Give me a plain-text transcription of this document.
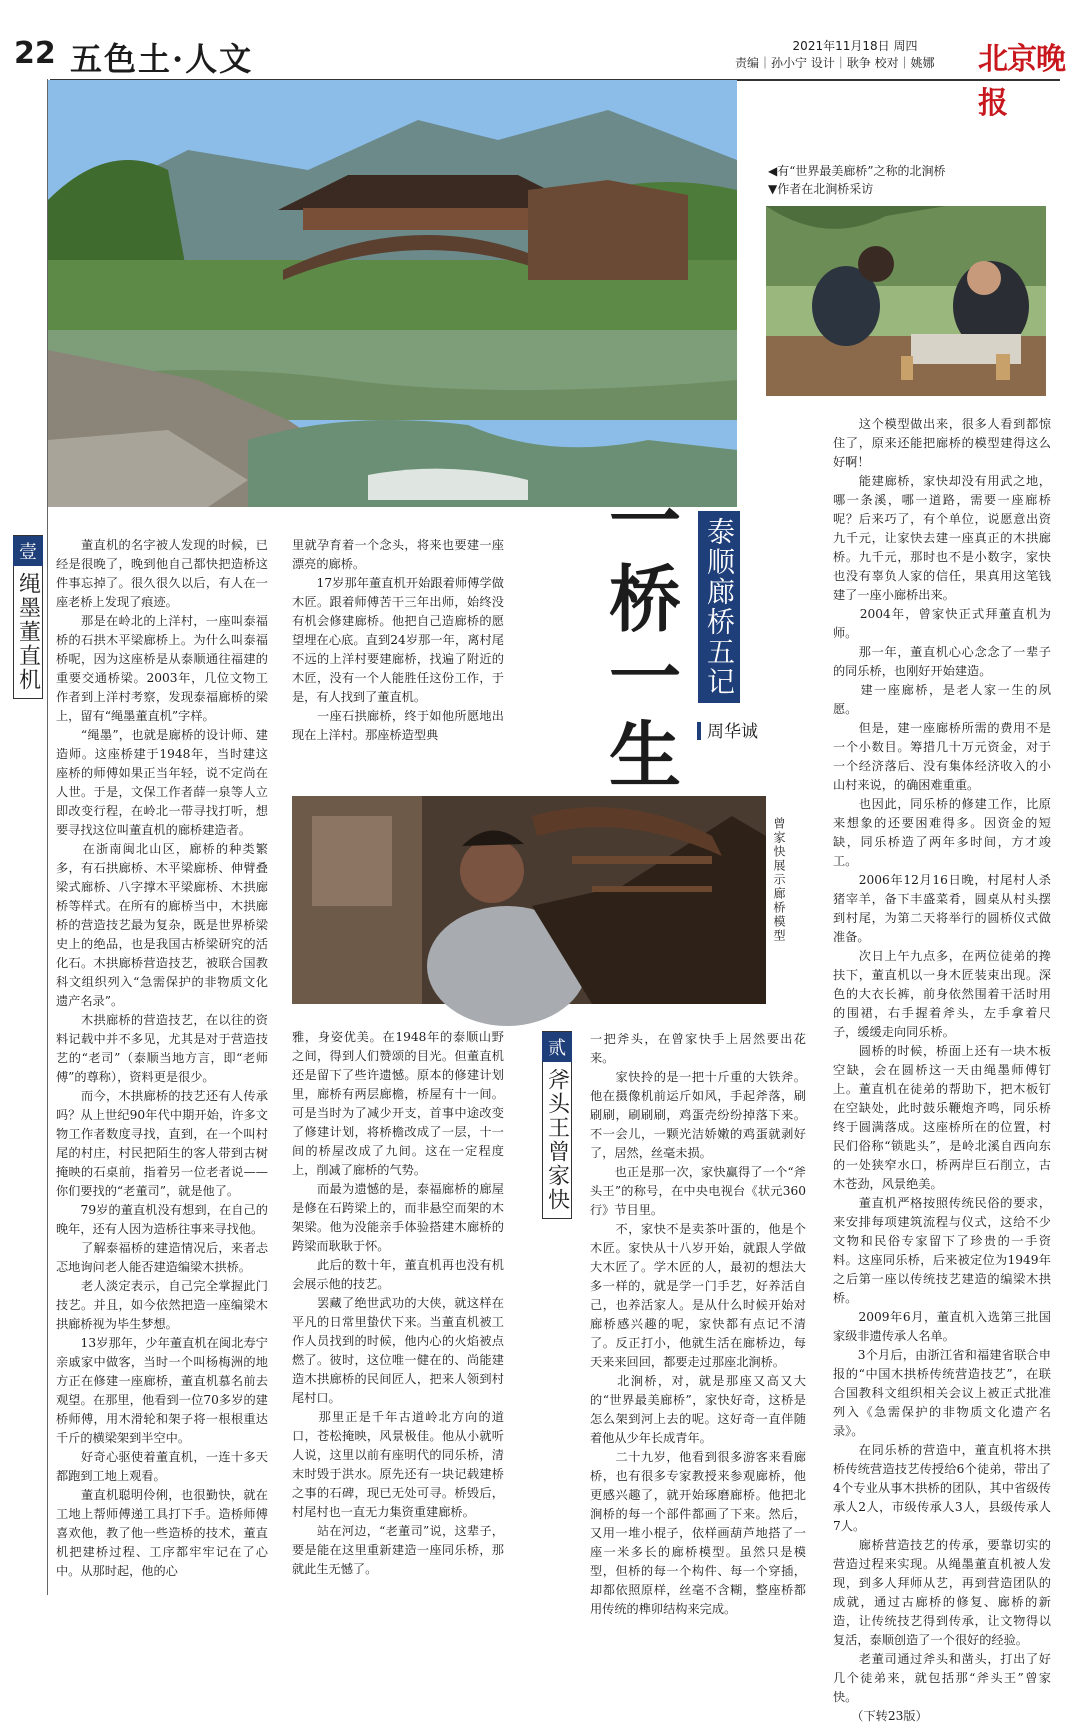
22 五色土·人文	2021年11月18日 周四
责编｜孙小宁 设计｜耿争 校对｜姚娜	北京晚报
◀有“世界最美廊桥”之称的北涧桥
▼作者在北涧桥采访
曾家快展示廊桥模型
一桥一生 泰顺廊桥五记
周华诚
壹
绳墨董直机
贰
斧头王曾家快
　　董直机的名字被人发现的时候，已经是很晚了，晚到他自己都快把造桥这件事忘掉了。很久很久以后，有人在一座老桥上发现了痕迹。
　　那是在岭北的上洋村，一座叫泰福桥的石拱木平梁廊桥上。为什么叫泰福桥呢，因为这座桥是从泰顺通往福建的重要交通桥梁。2003年，几位文物工作者到上洋村考察，发现泰福廊桥的梁上，留有“绳墨董直机”字样。
　　“绳墨”，也就是廊桥的设计师、建造师。这座桥建于1948年，当时建这座桥的师傅如果正当年轻，说不定尚在人世。于是，文保工作者薛一泉等人立即改变行程，在岭北一带寻找打听，想要寻找这位叫董直机的廊桥建造者。
　　在浙南闽北山区，廊桥的种类繁多，有石拱廊桥、木平梁廊桥、伸臂叠梁式廊桥、八字撑木平梁廊桥、木拱廊桥等样式。在所有的廊桥当中，木拱廊桥的营造技艺最为复杂，既是世界桥梁史上的绝品，也是我国古桥梁研究的活化石。木拱廊桥营造技艺，被联合国教科文组织列入“急需保护的非物质文化遗产名录”。
　　木拱廊桥的营造技艺，在以往的资料记载中并不多见，尤其是对于营造技艺的“老司”（泰顺当地方言，即“老师傅”的尊称），资料更是很少。
　　而今，木拱廊桥的技艺还有人传承吗？从上世纪90年代中期开始，许多文物工作者数度寻找，直到，在一个叫村尾的村庄，村民把陌生的客人带到古树掩映的石桌前，指着另一位老者说——你们要找的“老董司”，就是他了。
　　79岁的董直机没有想到，在自己的晚年，还有人因为造桥往事来寻找他。
　　了解泰福桥的建造情况后，来者忐忑地询问老人能否建造编梁木拱桥。
　　老人淡定表示，自己完全掌握此门技艺。并且，如今依然把造一座编梁木拱廊桥视为毕生梦想。
　　13岁那年，少年董直机在闽北寿宁亲戚家中做客，当时一个叫杨梅洲的地方正在修建一座廊桥，董直机慕名前去观望。在那里，他看到一位70多岁的建桥师傅，用木滑轮和架子将一根根重达千斤的横梁架到半空中。
　　好奇心驱使着董直机，一连十多天都跑到工地上观看。
　　董直机聪明伶俐，也很勤快，就在工地上帮师傅递工具打下手。造桥师傅喜欢他，教了他一些造桥的技术，董直机把建桥过程、工序都牢牢记在了心中。从那时起，他的心
里就孕育着一个念头，将来也要建一座漂亮的廊桥。
　　17岁那年董直机开始跟着师傅学做木匠。跟着师傅苦干三年出师，始终没有机会修建廊桥。他把自己造廊桥的愿望埋在心底。直到24岁那一年，离村尾不远的上洋村要建廊桥，找遍了附近的木匠，没有一个人能胜任这份工作，于是，有人找到了董直机。
　　一座石拱廊桥，终于如他所愿地出现在上洋村。那座桥造型典
雅，身姿优美。在1948年的泰顺山野之间，得到人们赞颂的目光。但董直机还是留下了些许遗憾。原本的修建计划里，廊桥有两层廊檐，桥屋有十一间。可是当时为了减少开支，首事中途改变了修建计划，将桥檐改成了一层，十一间的桥屋改成了九间。这在一定程度上，削减了廊桥的气势。
　　而最为遗憾的是，泰福廊桥的廊屋是修在石跨梁上的，而非悬空而架的木架梁。他为没能亲手体验搭建木廊桥的跨梁而耿耿于怀。
　　此后的数十年，董直机再也没有机会展示他的技艺。
　　罢藏了绝世武功的大侠，就这样在平凡的日常里蛰伏下来。当董直机被工作人员找到的时候，他内心的火焰被点燃了。彼时，这位唯一健在的、尚能建造木拱廊桥的民间匠人，把来人领到村尾村口。
　　那里正是千年古道岭北方向的道口，苍松掩映，风景极佳。他从小就听人说，这里以前有座明代的同乐桥，清末时毁于洪水。原先还有一块记载建桥之事的石碑，现已无处可寻。桥毁后，村尾村也一直无力集资重建廊桥。
　　站在河边，“老董司”说，这辈子，要是能在这里重新建造一座同乐桥，那就此生无憾了。
一把斧头，在曾家快手上居然要出花来。
　　家快拎的是一把十斤重的大铁斧。他在摄像机前运斤如风，手起斧落，刷刷刷，刷刷刷，鸡蛋壳纷纷掉落下来。不一会儿，一颗光洁娇嫩的鸡蛋就剥好了，居然，丝毫未损。
　　也正是那一次，家快赢得了一个“斧头王”的称号，在中央电视台《状元360行》节目里。
　　不，家快不是卖茶叶蛋的，他是个木匠。家快从十八岁开始，就跟人学做大木匠了。学木匠的人，最初的想法大多一样的，就是学一门手艺，好养活自己，也养活家人。是从什么时候开始对廊桥感兴趣的呢，家快都有点记不清了。反正打小，他就生活在廊桥边，每天来来回回，都要走过那座北涧桥。
　　北涧桥，对，就是那座又高又大的“世界最美廊桥”，家快好奇，这桥是怎么架到河上去的呢。这好奇一直伴随着他从少年长成青年。
　　二十九岁，他看到很多游客来看廊桥，也有很多专家教授来参观廊桥，他更感兴趣了，就开始琢磨廊桥。他把北涧桥的每一个部件都画了下来。然后，又用一堆小棍子，依样画葫芦地搭了一座一米多长的廊桥模型。虽然只是模型，但桥的每一个构件、每一个穿插，却都依照原样，丝毫不含糊，整座桥都用传统的榫卯结构来完成。
　　这个模型做出来，很多人看到都惊住了，原来还能把廊桥的模型建得这么好啊！
　　能建廊桥，家快却没有用武之地，哪一条溪，哪一道路，需要一座廊桥呢？后来巧了，有个单位，说愿意出资九千元，让家快去建一座真正的木拱廊桥。九千元，那时也不是小数字，家快也没有辜负人家的信任，果真用这笔钱建了一座小廊桥出来。
　　2004年，曾家快正式拜董直机为师。
　　那一年，董直机心心念念了一辈子的同乐桥，也刚好开始建造。
　　建一座廊桥，是老人家一生的夙愿。
　　但是，建一座廊桥所需的费用不是一个小数目。筹措几十万元资金，对于一个经济落后、没有集体经济收入的小山村来说，的确困难重重。
　　也因此，同乐桥的修建工作，比原来想象的还要困难得多。因资金的短缺，同乐桥造了两年多时间，方才竣工。
　　2006年12月16日晚，村尾村人杀猪宰羊，备下丰盛菜肴，圆桌从村头摆到村尾，为第二天将举行的圆桥仪式做准备。
　　次日上午九点多，在两位徒弟的搀扶下，董直机以一身木匠装束出现。深色的大衣长裤，前身依然围着干活时用的围裙，右手握着斧头，左手拿着尺子，缓缓走向同乐桥。
　　圆桥的时候，桥面上还有一块木板空缺，会在圆桥这一天由绳墨师傅钉上。董直机在徒弟的帮助下，把木板钉在空缺处，此时鼓乐鞭炮齐鸣，同乐桥终于圆满落成。这座桥所在的位置，村民们俗称“锁匙头”，是岭北溪自西向东的一处狭窄水口，桥两岸巨石削立，古木苍劲，风景绝美。
　　董直机严格按照传统民俗的要求，来安排每项建筑流程与仪式，这给不少文物和民俗专家留下了珍贵的一手资料。这座同乐桥，后来被定位为1949年之后第一座以传统技艺建造的编梁木拱桥。
　　2009年6月，董直机入选第三批国家级非遗传承人名单。
　　3个月后，由浙江省和福建省联合申报的“中国木拱桥传统营造技艺”，在联合国教科文组织相关会议上被正式批准列入《急需保护的非物质文化遗产名录》。
　　在同乐桥的营造中，董直机将木拱桥传统营造技艺传授给6个徒弟，带出了4个专业从事木拱桥的团队，其中省级传承人2人，市级传承人3人，县级传承人7人。
　　廊桥营造技艺的传承，要靠切实的营造过程来实现。从绳墨董直机被人发现，到多人拜师从艺，再到营造团队的成就，通过古廊桥的修复、廊桥的新造，让传统技艺得到传承，让文物得以复活，泰顺创造了一个很好的经验。
　　老董司通过斧头和凿头，打出了好几个徒弟来，就包括那“斧头王”曾家快。
　　（下转23版）
